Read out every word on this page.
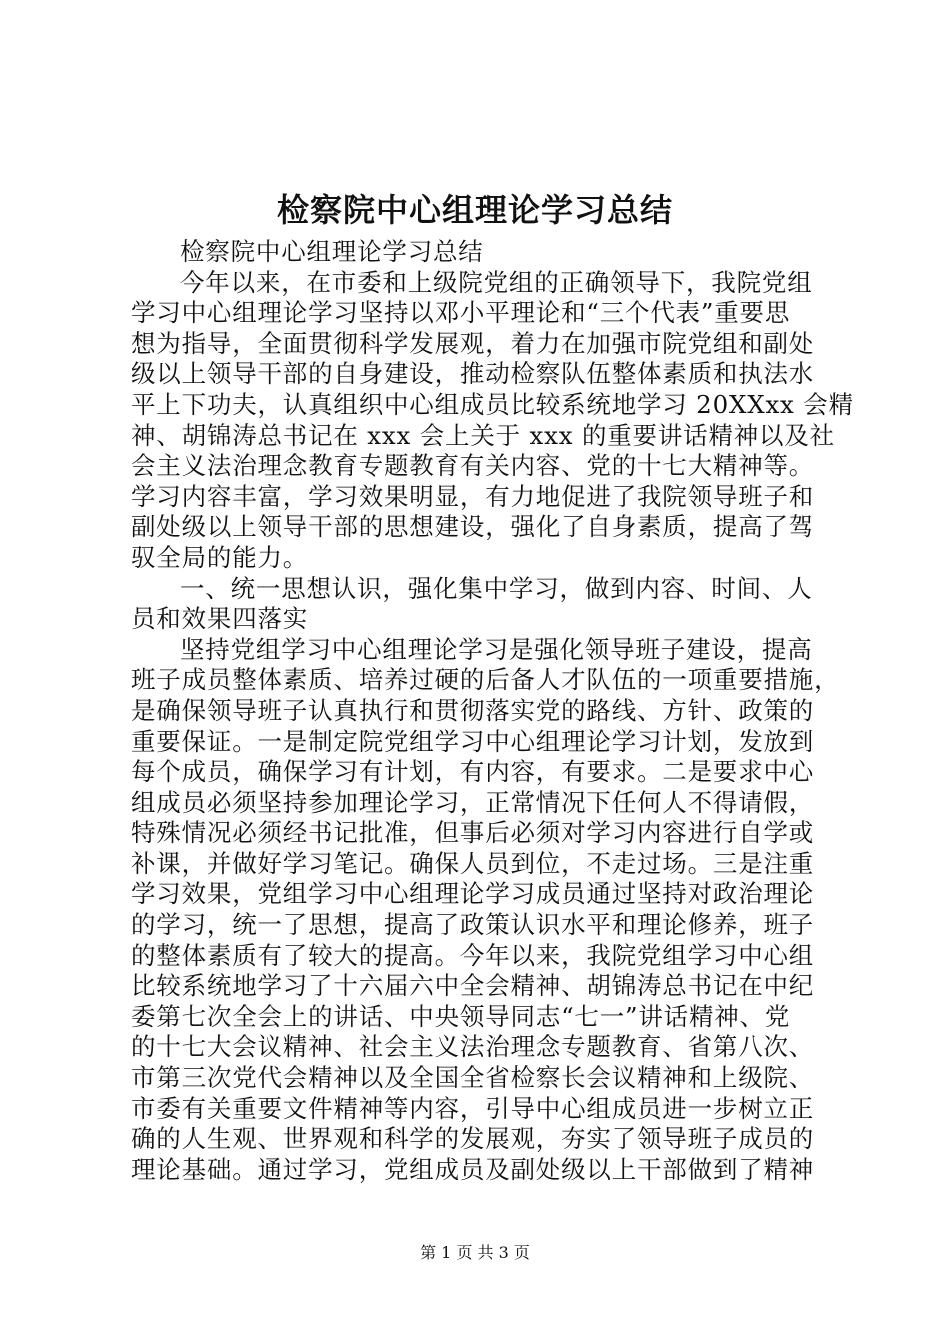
检察院中心组理论学习总结
检察院中心组理论学习总结
今年以来，在市委和上级院党组的正确领导下，我院党组
学习中心组理论学习坚持以邓小平理论和“三个代表”重要思
想为指导，全面贯彻科学发展观，着力在加强市院党组和副处
级以上领导干部的自身建设，推动检察队伍整体素质和执法水
平上下功夫，认真组织中心组成员比较系统地学习 20XXxx 会精
神、胡锦涛总书记在 xxx 会上关于 xxx 的重要讲话精神以及社
会主义法治理念教育专题教育有关内容、党的十七大精神等。
学习内容丰富，学习效果明显，有力地促进了我院领导班子和
副处级以上领导干部的思想建设，强化了自身素质，提高了驾
驭全局的能力。
一、统一思想认识，强化集中学习，做到内容、时间、人
员和效果四落实
坚持党组学习中心组理论学习是强化领导班子建设，提高
班子成员整体素质、培养过硬的后备人才队伍的一项重要措施，
是确保领导班子认真执行和贯彻落实党的路线、方针、政策的
重要保证。一是制定院党组学习中心组理论学习计划，发放到
每个成员，确保学习有计划，有内容，有要求。二是要求中心
组成员必须坚持参加理论学习，正常情况下任何人不得请假，
特殊情况必须经书记批准，但事后必须对学习内容进行自学或
补课，并做好学习笔记。确保人员到位，不走过场。三是注重
学习效果，党组学习中心组理论学习成员通过坚持对政治理论
的学习，统一了思想，提高了政策认识水平和理论修养，班子
的整体素质有了较大的提高。今年以来，我院党组学习中心组
比较系统地学习了十六届六中全会精神、胡锦涛总书记在中纪
委第七次全会上的讲话、中央领导同志“七一”讲话精神、党
的十七大会议精神、社会主义法治理念专题教育、省第八次、
市第三次党代会精神以及全国全省检察长会议精神和上级院、
市委有关重要文件精神等内容，引导中心组成员进一步树立正
确的人生观、世界观和科学的发展观，夯实了领导班子成员的
理论基础。通过学习，党组成员及副处级以上干部做到了精神
第 1 页 共 3 页
